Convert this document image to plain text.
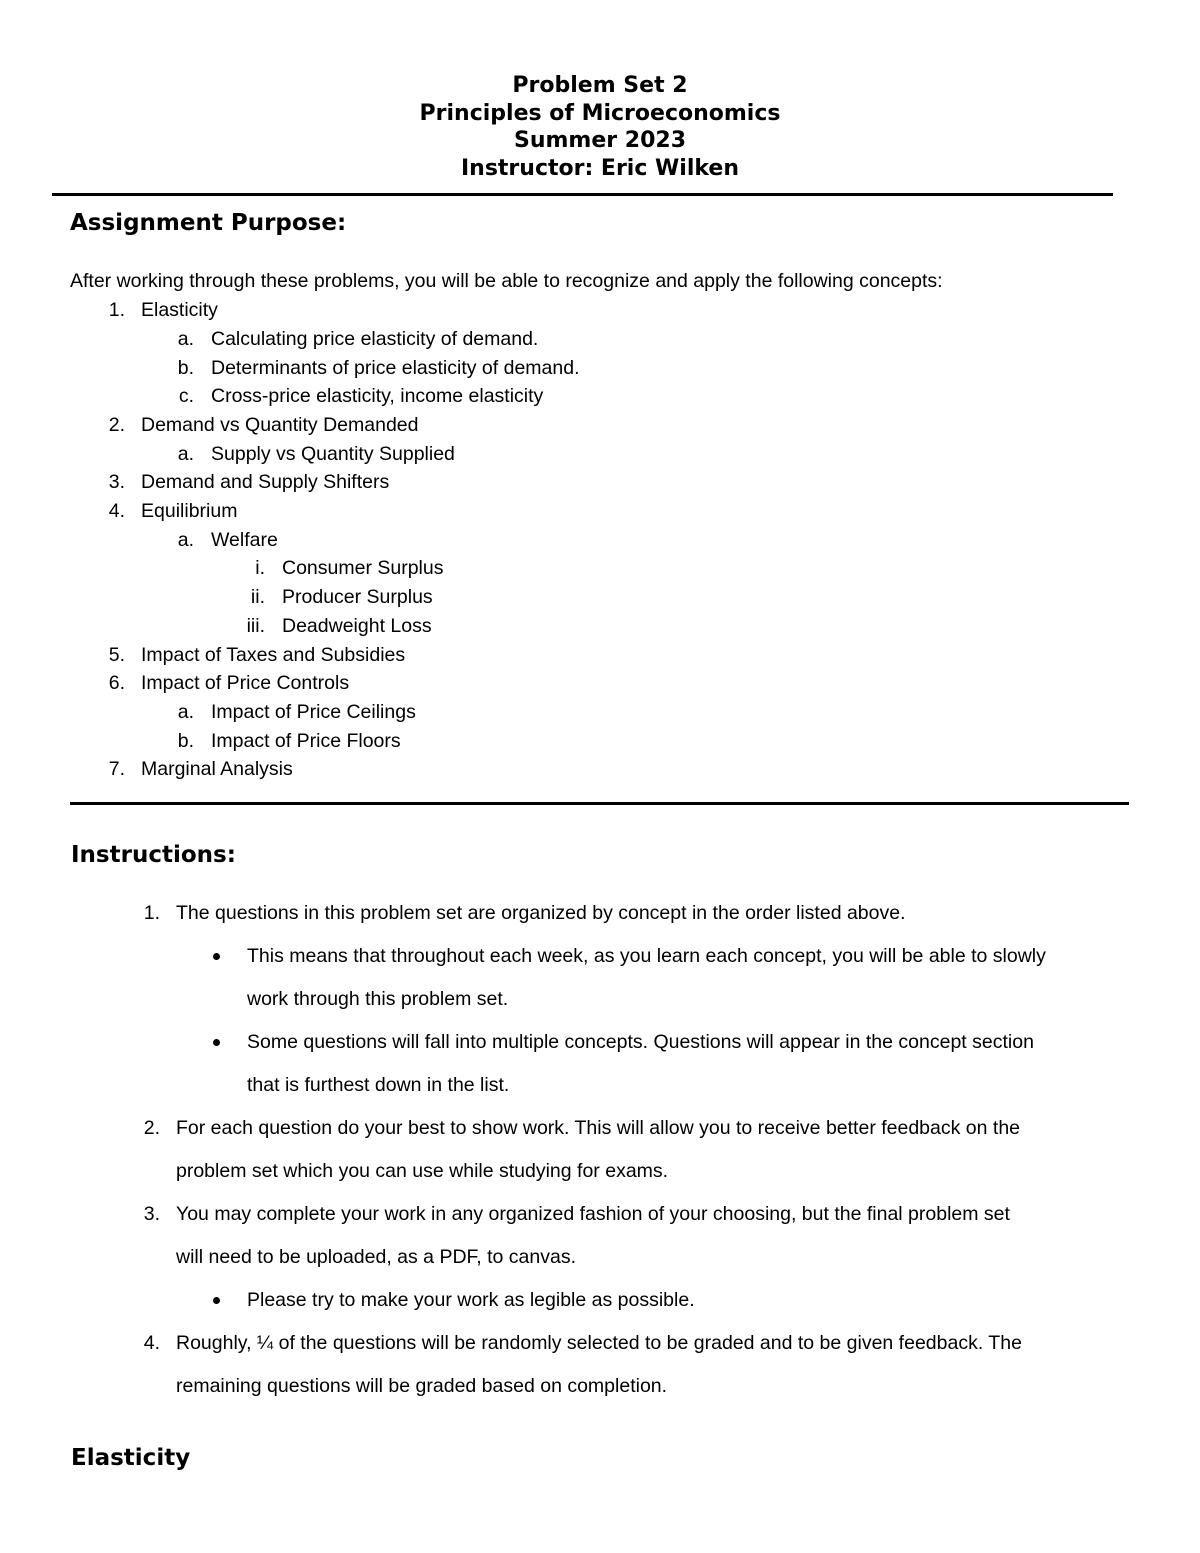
Problem Set 2
Principles of Microeconomics
Summer 2023
Instructor: Eric Wilken
Assignment Purpose:
After working through these problems, you will be able to recognize and apply the following concepts:
1. Elasticity
a. Calculating price elasticity of demand.
b. Determinants of price elasticity of demand.
c. Cross-price elasticity, income elasticity
2. Demand vs Quantity Demanded
a. Supply vs Quantity Supplied
3. Demand and Supply Shifters
4. Equilibrium
a. Welfare
i. Consumer Surplus
ii. Producer Surplus
iii. Deadweight Loss
5. Impact of Taxes and Subsidies
6. Impact of Price Controls
a. Impact of Price Ceilings
b. Impact of Price Floors
7. Marginal Analysis
Instructions:
1. The questions in this problem set are organized by concept in the order listed above.
This means that throughout each week, as you learn each concept, you will be able to slowly
work through this problem set.
Some questions will fall into multiple concepts. Questions will appear in the concept section
that is furthest down in the list.
2. For each question do your best to show work. This will allow you to receive better feedback on the
problem set which you can use while studying for exams.
3. You may complete your work in any organized fashion of your choosing, but the final problem set
will need to be uploaded, as a PDF, to canvas.
Please try to make your work as legible as possible.
4. Roughly, ¼ of the questions will be randomly selected to be graded and to be given feedback. The
remaining questions will be graded based on completion.
Elasticity
